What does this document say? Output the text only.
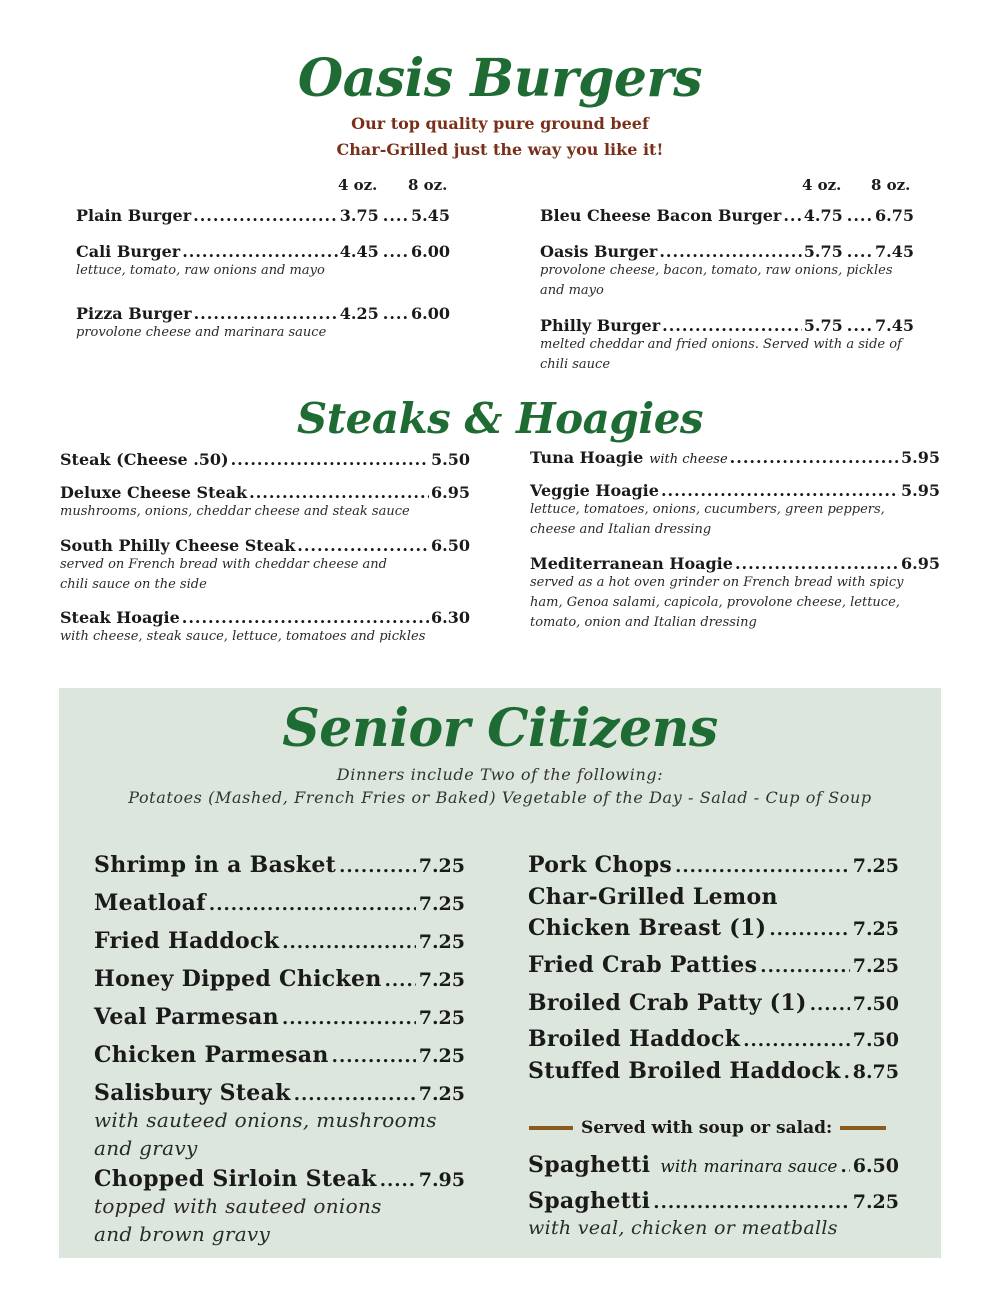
Oasis Burgers
Our top quality pure ground beef
Char-Grilled just the way you like it!
4 oz. 8 oz.	4 oz. 8 oz.
Plain Burger .....	3.75 .... 5.45
Cali Burger .....	4.45 .... 6.00
lettuce, tomato, raw onions and mayo
Pizza Burger .....	4.25 .... 6.00
provolone cheese and marinara sauce
Bleu Cheese Bacon Burger ..... 4.75 .... 6.75
Oasis Burger .....	5.75 .... 7.45
provolone cheese, bacon, tomato, raw onions, pickles and mayo
Philly Burger .....	5.75 .... 7.45
melted cheddar and fried onions. Served with a side of chili sauce
Steaks & Hoagies
Steak (Cheese .50) .....	5.50
Deluxe Cheese Steak .....	6.95
mushrooms, onions, cheddar cheese and steak sauce
South Philly Cheese Steak .....	6.50
served on French bread with cheddar cheese and chili sauce on the side
Steak Hoagie .....	6.30
with cheese, steak sauce, lettuce, tomatoes and pickles
Tuna Hoagie with cheese .....	5.95
Veggie Hoagie .....	5.95
lettuce, tomatoes, onions, cucumbers, green peppers, cheese and Italian dressing
Mediterranean Hoagie .....	6.95
served as a hot oven grinder on French bread with spicy ham, Genoa salami, capicola, provolone cheese, lettuce, tomato, onion and Italian dressing
Senior Citizens
Dinners include Two of the following:
Potatoes (Mashed, French Fries or Baked) Vegetable of the Day - Salad - Cup of Soup
Shrimp in a Basket .....	7.25
Meatloaf .....	7.25
Fried Haddock .....	7.25
Honey Dipped Chicken ..... 7.25
Veal Parmesan .....	7.25
Chicken Parmesan .....	7.25
Salisbury Steak .....	7.25
with sauteed onions, mushrooms
and gravy
Chopped Sirloin Steak ..... 7.95
topped with sauteed onions
and brown gravy
Pork Chops .....	7.25
Char-Grilled Lemon
Chicken Breast (1) .....	7.25
Fried Crab Patties .....	7.25
Broiled Crab Patty (1) ..... 7.50
Broiled Haddock .....	7.50
Stuffed Broiled Haddock ..... 8.75
Served with soup or salad:
Spaghetti with marinara sauce ..... 6.50
Spaghetti .....	7.25
with veal, chicken or meatballs
